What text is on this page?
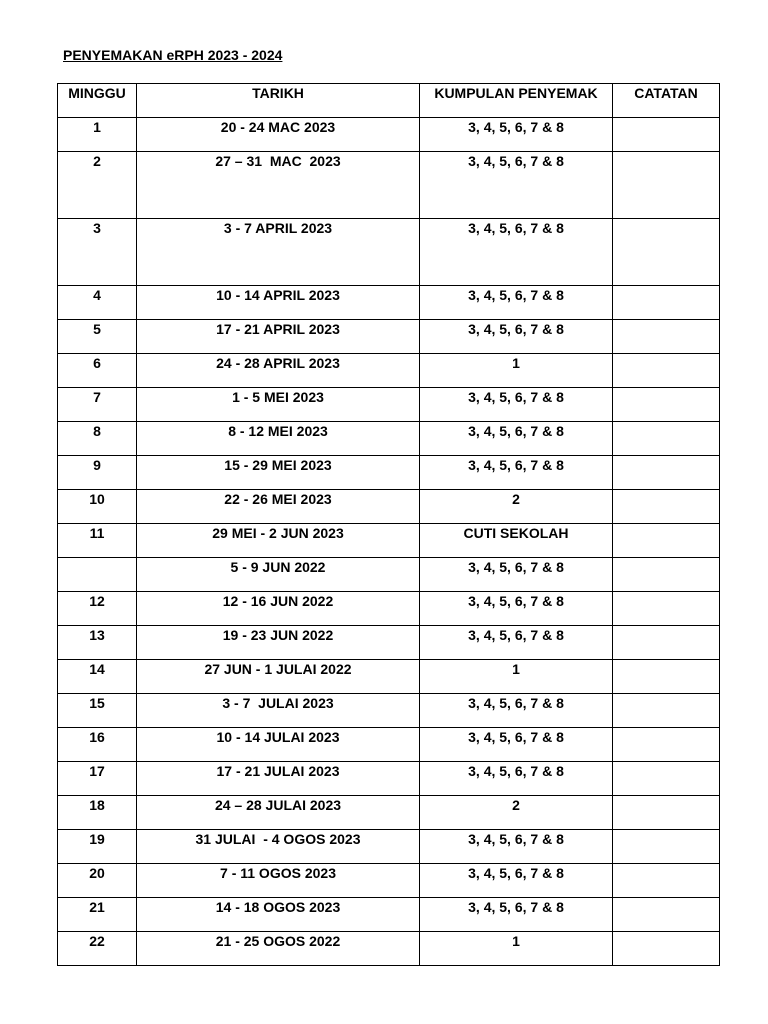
PENYEMAKAN eRPH 2023 - 2024
MINGGU	TARIKH	KUMPULAN PENYEMAK	CATATAN
1	20 - 24 MAC 2023	3, 4, 5, 6, 7 & 8	
2	27 – 31  MAC  2023	3, 4, 5, 6, 7 & 8	
3	3 - 7 APRIL 2023	3, 4, 5, 6, 7 & 8	
4	10 - 14 APRIL 2023	3, 4, 5, 6, 7 & 8	
5	17 - 21 APRIL 2023	3, 4, 5, 6, 7 & 8	
6	24 - 28 APRIL 2023	1	
7	1 - 5 MEI 2023	3, 4, 5, 6, 7 & 8	
8	8 - 12 MEI 2023	3, 4, 5, 6, 7 & 8	
9	15 - 29 MEI 2023	3, 4, 5, 6, 7 & 8	
10	22 - 26 MEI 2023	2	
11	29 MEI - 2 JUN 2023	CUTI SEKOLAH	
	5 - 9 JUN 2022	3, 4, 5, 6, 7 & 8	
12	12 - 16 JUN 2022	3, 4, 5, 6, 7 & 8	
13	19 - 23 JUN 2022	3, 4, 5, 6, 7 & 8	
14	27 JUN - 1 JULAI 2022	1	
15	3 - 7  JULAI 2023	3, 4, 5, 6, 7 & 8	
16	10 - 14 JULAI 2023	3, 4, 5, 6, 7 & 8	
17	17 - 21 JULAI 2023	3, 4, 5, 6, 7 & 8	
18	24 – 28 JULAI 2023	2	
19	31 JULAI  - 4 OGOS 2023	3, 4, 5, 6, 7 & 8	
20	7 - 11 OGOS 2023	3, 4, 5, 6, 7 & 8	
21	14 - 18 OGOS 2023	3, 4, 5, 6, 7 & 8	
22	21 - 25 OGOS 2022	1	
